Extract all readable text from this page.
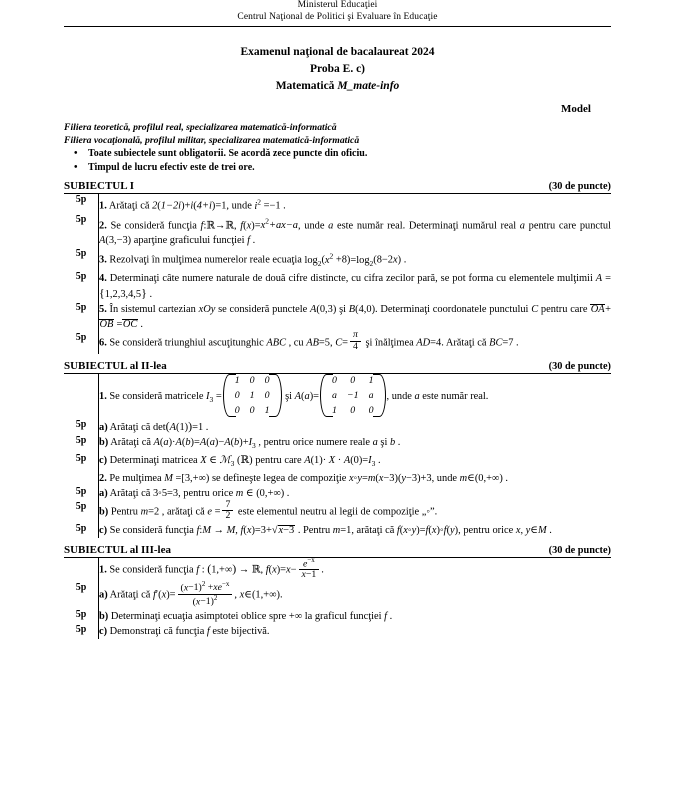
Ministerul Educaţiei
Centrul Naţional de Politici şi Evaluare în Educaţie
Examenul naţional de bacalaureat 2024
Proba E. c)
Matematică M_mate-info
Model
Filiera teoretică, profilul real, specializarea matematică-informatică
Filiera vocaţională, profilul militar, specializarea matematică-informatică
• Toate subiectele sunt obligatorii. Se acordă zece puncte din oficiu.
• Timpul de lucru efectiv este de trei ore.
SUBIECTUL I	(30 de puncte)
5p	1. Arătaţi că 2(1−2i)+i(4+i)=1, unde $i^2 =-1$ .
5p	2. Se consideră funcţia f:ℝ→ℝ, $f(x)=x^2+ax-a$, unde a este număr real. Determinaţi numărul real a pentru care punctul A(3,−3) aparţine graficului funcţiei f .
5p	3. Rezolvaţi în mulţimea numerelor reale ecuaţia $\log_2(x^2 +8)=\log_2(8-2x)$ .
5p	4. Determinaţi câte numere naturale de două cifre distincte, cu cifra zecilor pară, se pot forma cu elementele mulţimii A ={1,2,3,4,5} .
5p	5. În sistemul cartezian xOy se consideră punctele A(0,3) şi B(4,0). Determinaţi coordonatele punctului C pentru care OA+OB =OC .
5p	6. Se consideră triunghiul ascuţitunghic ABC , cu AB=5, $C= \frac{\pi}{4}$ şi înălţimea AD=4. Arătaţi că BC=7 .
SUBIECTUL al II-lea	(30 de puncte)
	1. Se consideră matricele $I_3$ =
1	0	0
0	1	0
0	0	1
şi A(a)=
0	0	1
a	−1	a
1	0	0
, unde a este număr real.
5p	a) Arătaţi că det(A(1))=1 .
5p	b) Arătaţi că $A(a)\cdot A(b)=A(a)-A(b)+I_3$ , pentru orice numere reale a şi b .
5p	c) Determinaţi matricea X ∈ ℳ$_3$ (ℝ) pentru care $A(1)\cdot X \cdot A(0)=I_3$ .
	2. Pe mulţimea M =[3,+∞) se defineşte legea de compoziţie x◦y=m(x−3)(y−3)+3, unde m∈(0,+∞) .
5p	a) Arătaţi că 3◦5=3, pentru orice m ∈ (0,+∞) .
5p	b) Pentru m=2 , arătaţi că $e = \frac{7}{2}$ este elementul neutru al legii de compoziţie „◦”.
5p	c) Se consideră funcţia f:M → M, f(x)=3+√x−3 . Pentru m=1, arătaţi că f(x◦y)=f(x)◦f(y), pentru orice x, y∈M .
SUBIECTUL al III-lea	(30 de puncte)
	1. Se consideră funcţia f : (1,+∞) → ℝ, $f(x)=x- \frac{e^{-x}}{x-1}$ .
5p	a) Arătaţi că $f'(x)= \frac{(x-1)^2 +xe^{-x}}{(x-1)^2}$ , x∈(1,+∞).
5p	b) Determinaţi ecuaţia asimptotei oblice spre +∞ la graficul funcţiei f .
5p	c) Demonstraţi că funcţia f este bijectivă.
